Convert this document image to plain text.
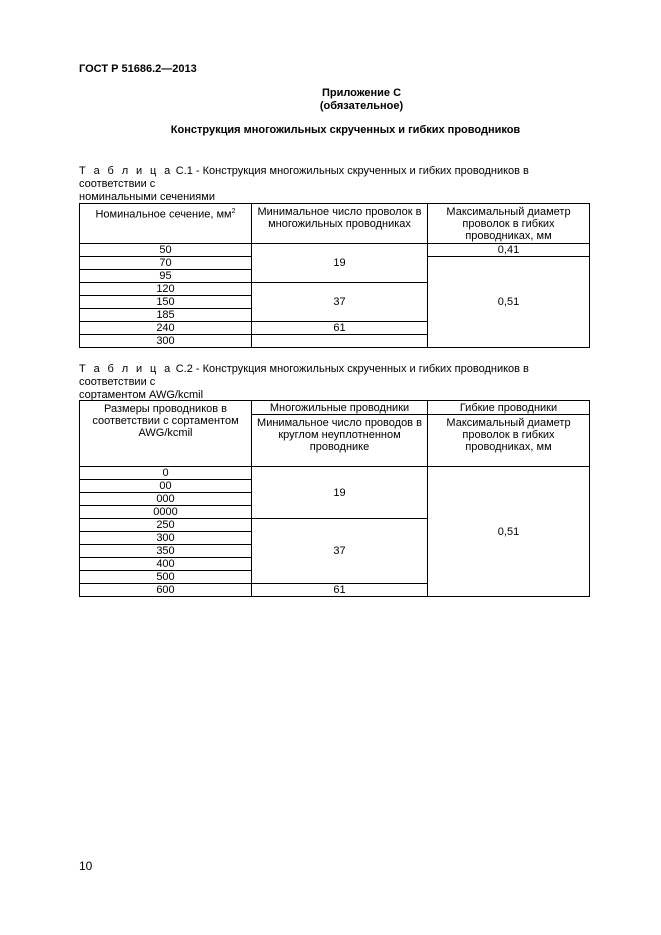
ГОСТ Р 51686.2—2013
Приложение С
(обязательное)
Конструкция многожильных скрученных и гибких проводников
Т а б л и ц а С.1 - Конструкция многожильных скрученных и гибких проводников в соответствии с
номинальными сечениями
Номинальное сечение, $мм^2$	Минимальное число проволок в многожильных проводниках	Максимальный диаметр проволок в гибких проводниках, мм
50	19	0,41
70		0,51
95		
120	37	
150		
185		
240	61	
300		
Т а б л и ц а С.2 - Конструкция многожильных скрученных и гибких проводников в соответствии с
сортаментом AWG/kcmil
Размеры проводников в соответствии с сортаментом AWG/kcmil	Многожильные проводники	Гибкие проводники
	Минимальное число проводов в круглом неуплотненном проводнике	Максимальный диаметр проволок в гибких проводниках, мм
0	19	0,51
00		
000		
0000		
250	37	
300		
350		
400		
500		
600	61	
10
